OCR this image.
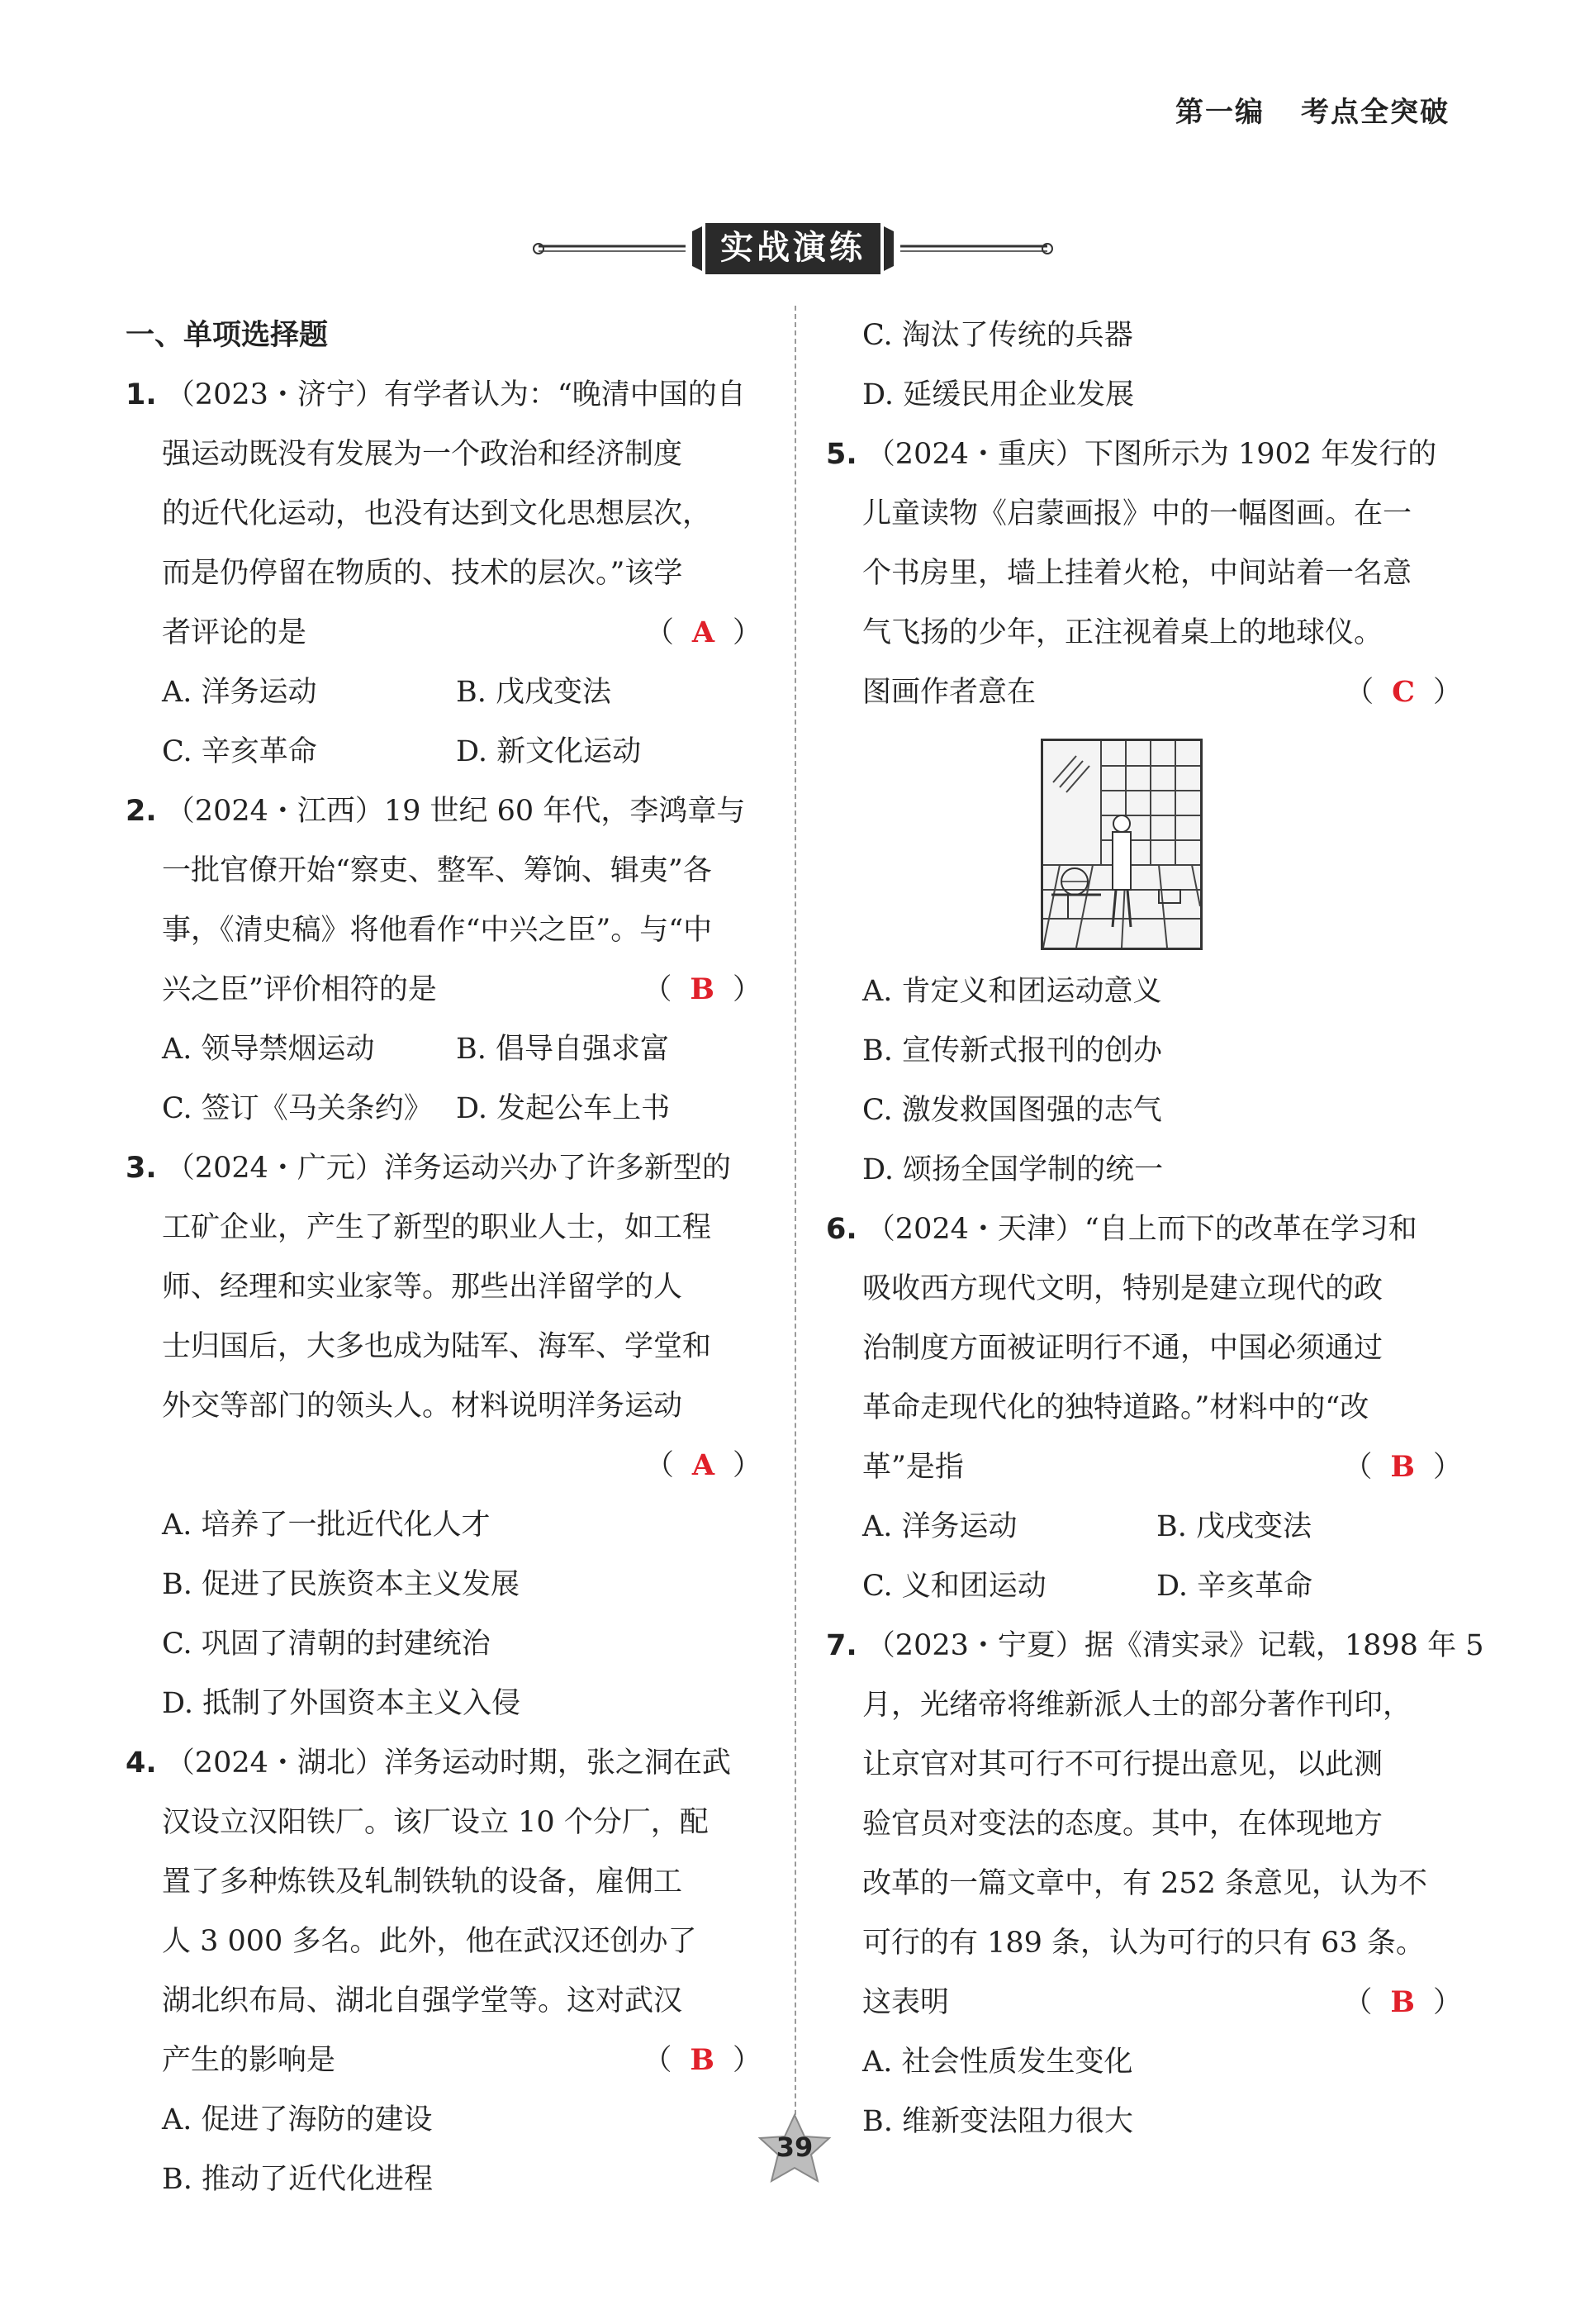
第一编 考点全突破
实战演练
一、单项选择题
1. （2023・济宁）有学者认为：“晚清中国的自
强运动既没有发展为一个政治和经济制度
的近代化运动，也没有达到文化思想层次，
而是仍停留在物质的、技术的层次。”该学
者评论的是	（ A ）
A. 洋务运动	B. 戊戌变法
C. 辛亥革命	D. 新文化运动
2. （2024・江西）19 世纪 60 年代，李鸿章与
一批官僚开始“察吏、整军、筹饷、辑夷”各
事，《清史稿》将他看作“中兴之臣”。与“中
兴之臣”评价相符的是	（ B ）
A. 领导禁烟运动	B. 倡导自强求富
C. 签订《马关条约》 D. 发起公车上书
3. （2024・广元）洋务运动兴办了许多新型的
工矿企业，产生了新型的职业人士，如工程
师、经理和实业家等。那些出洋留学的人
士归国后，大多也成为陆军、海军、学堂和
外交等部门的领头人。材料说明洋务运动
（ A ）
A. 培养了一批近代化人才
B. 促进了民族资本主义发展
C. 巩固了清朝的封建统治
D. 抵制了外国资本主义入侵
4. （2024・湖北）洋务运动时期，张之洞在武
汉设立汉阳铁厂。该厂设立 10 个分厂，配
置了多种炼铁及轧制铁轨的设备，雇佣工
人 3 000 多名。此外，他在武汉还创办了
湖北织布局、湖北自强学堂等。这对武汉
产生的影响是	（ B ）
A. 促进了海防的建设
B. 推动了近代化进程
C. 淘汰了传统的兵器
D. 延缓民用企业发展
5. （2024・重庆）下图所示为 1902 年发行的
儿童读物《启蒙画报》中的一幅图画。在一
个书房里，墙上挂着火枪，中间站着一名意
气飞扬的少年，正注视着桌上的地球仪。
图画作者意在	（ C ）
A. 肯定义和团运动意义
B. 宣传新式报刊的创办
C. 激发救国图强的志气
D. 颂扬全国学制的统一
6. （2024・天津）“自上而下的改革在学习和
吸收西方现代文明，特别是建立现代的政
治制度方面被证明行不通，中国必须通过
革命走现代化的独特道路。”材料中的“改
革”是指	（ B ）
A. 洋务运动	B. 戊戌变法
C. 义和团运动	D. 辛亥革命
7. （2023・宁夏）据《清实录》记载，1898 年 5
月，光绪帝将维新派人士的部分著作刊印，
让京官对其可行不可行提出意见，以此测
验官员对变法的态度。其中，在体现地方
改革的一篇文章中，有 252 条意见，认为不
可行的有 189 条，认为可行的只有 63 条。
这表明	（ B ）
A. 社会性质发生变化
B. 维新变法阻力很大
39
